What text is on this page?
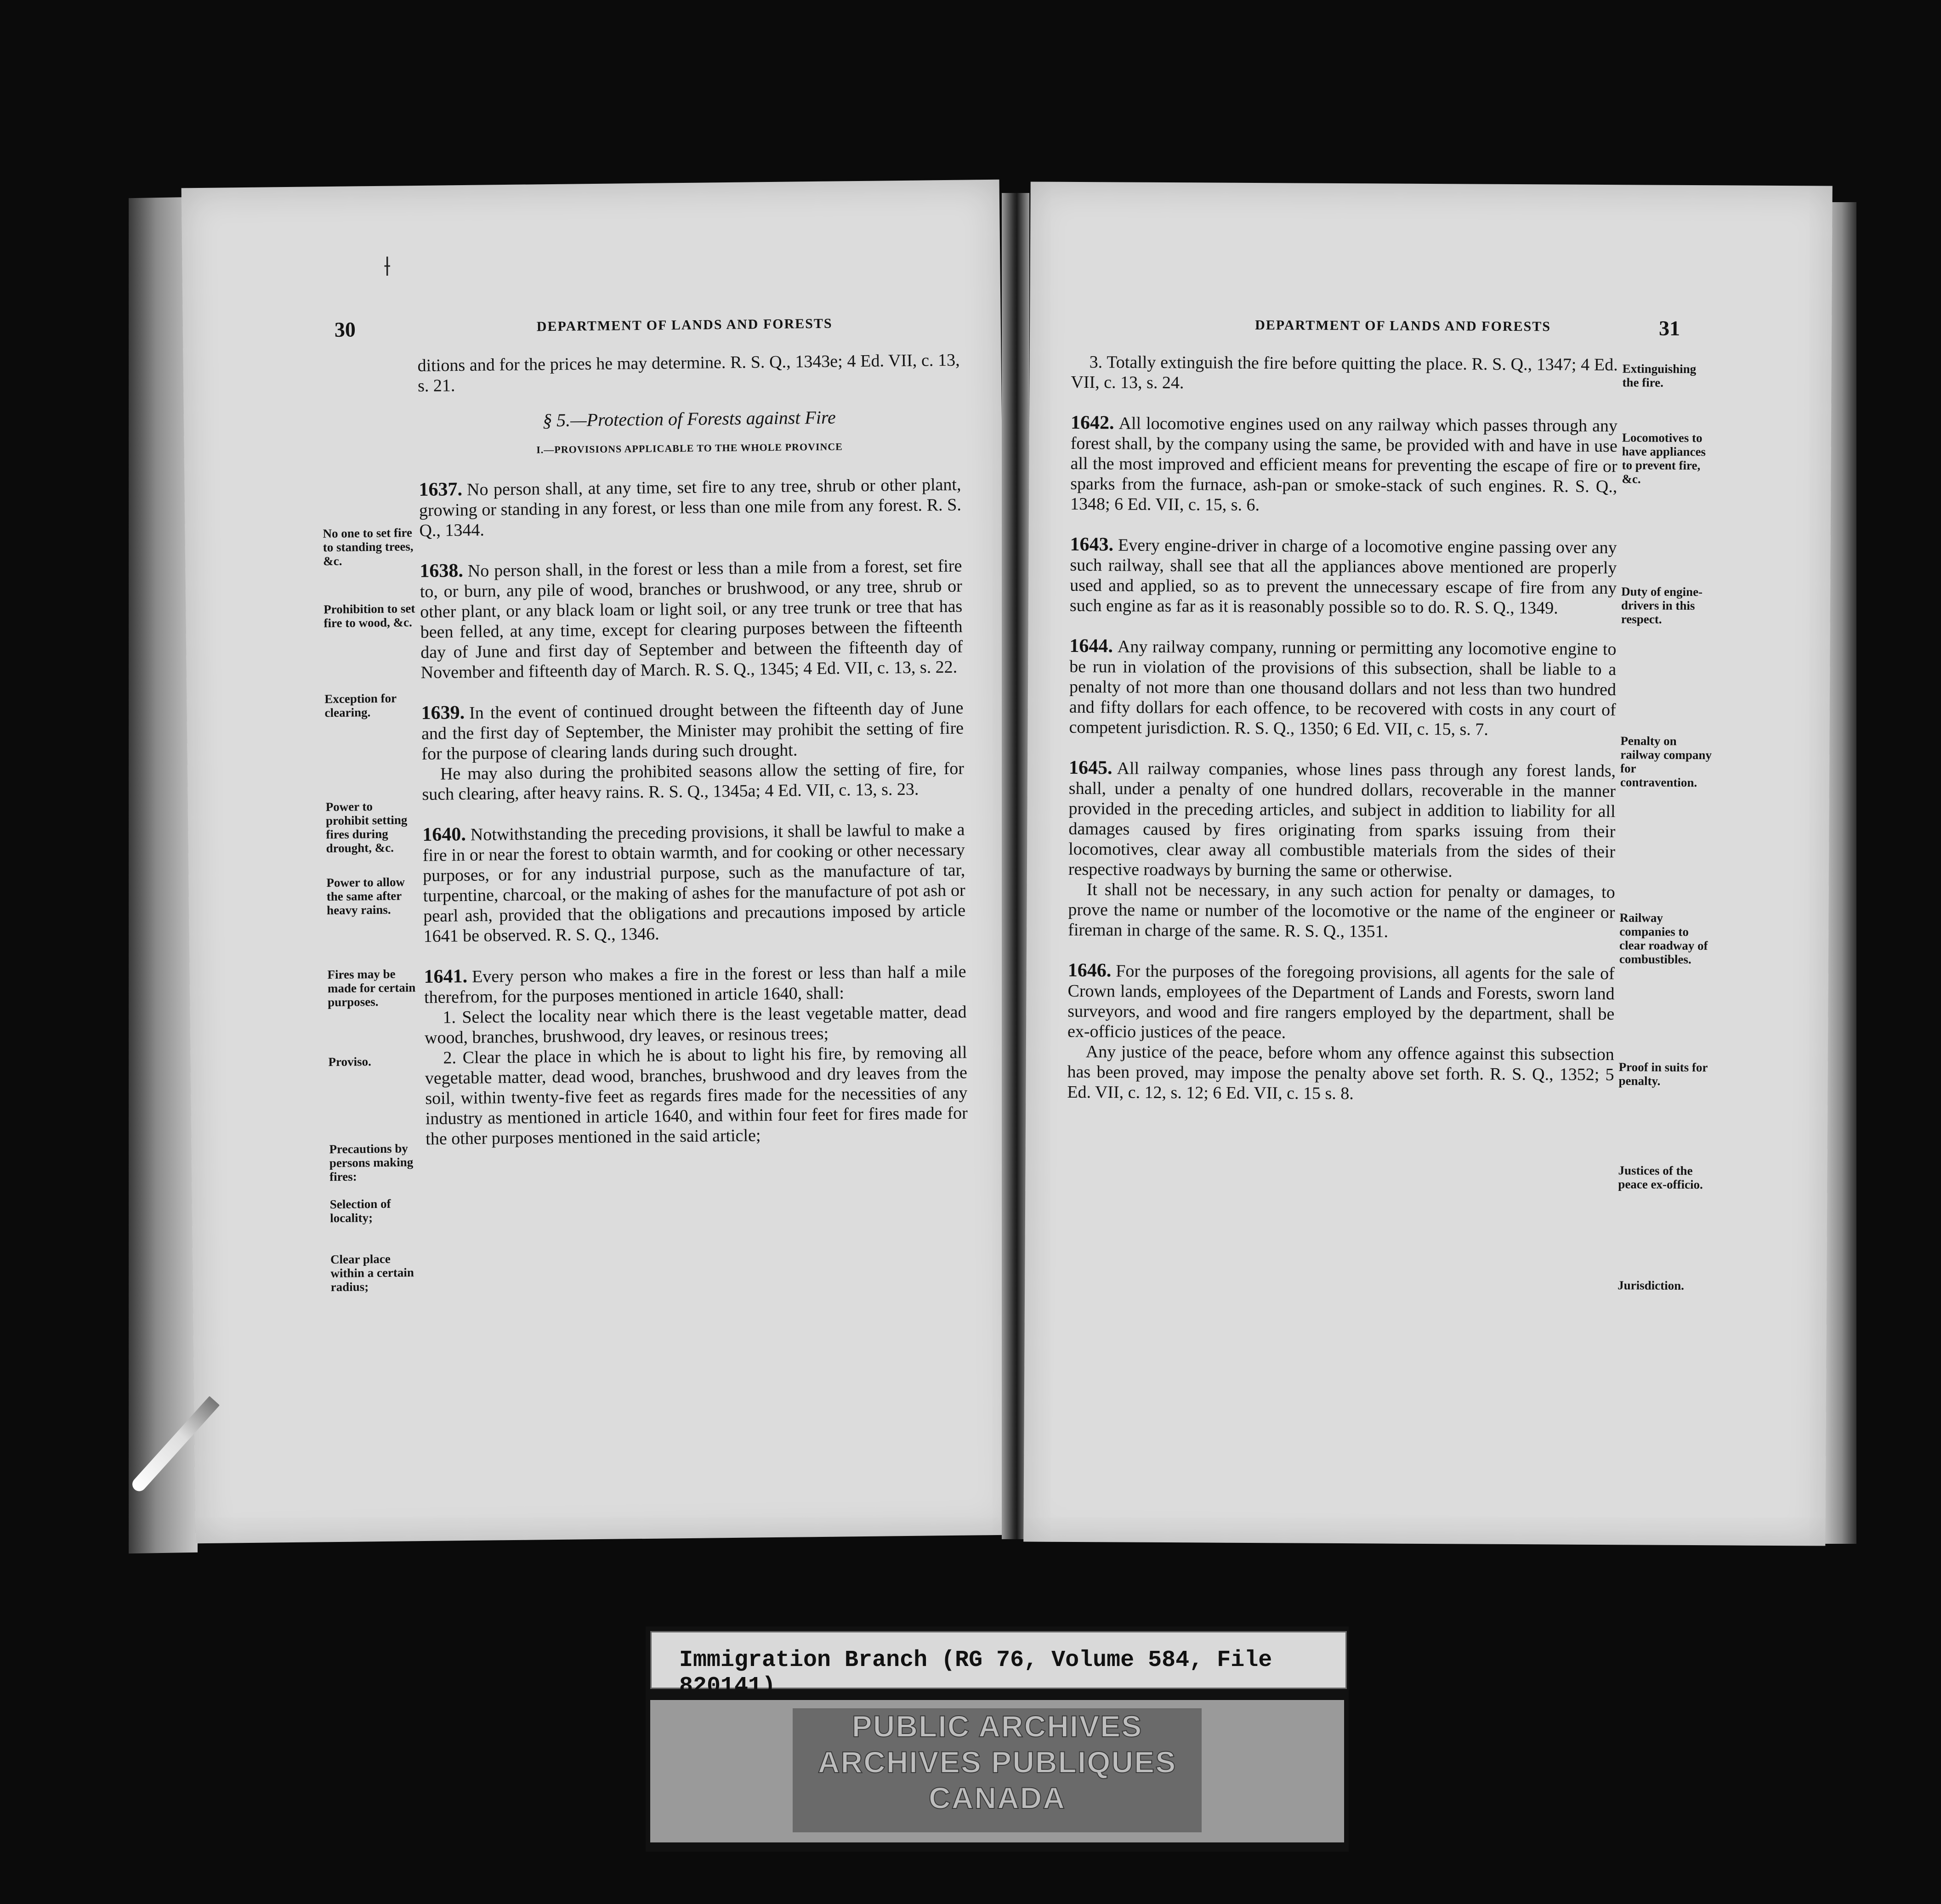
30	DEPARTMENT OF LANDS AND FORESTS
No one to set fire to standing trees, &c.
Prohibition to set fire to wood, &c.
Exception for clearing.
Power to prohibit setting fires during drought, &c.
Power to allow the same after heavy rains.
Fires may be made for certain purposes.
Proviso.
Precautions by persons making fires:
Selection of locality;
Clear place within a certain radius;
ditions and for the prices he may determine. R. S. Q., 1343e; 4 Ed. VII, c. 13, s. 21.
§ 5.—Protection of Forests against Fire
I.—PROVISIONS APPLICABLE TO THE WHOLE PROVINCE

1637. No person shall, at any time, set fire to any tree, shrub or other plant, growing or standing in any forest, or less than one mile from any forest. R. S. Q., 1344.

1638. No person shall, in the forest or less than a mile from a forest, set fire to, or burn, any pile of wood, branches or brushwood, or any tree, shrub or other plant, or any black loam or light soil, or any tree trunk or tree that has been felled, at any time, except for clearing purposes between the fifteenth day of June and first day of September and between the fifteenth day of November and fifteenth day of March. R. S. Q., 1345; 4 Ed. VII, c. 13, s. 22.

1639. In the event of continued drought between the fifteenth day of June and the first day of September, the Minister may prohibit the setting of fire for the purpose of clearing lands during such drought.

He may also during the prohibited seasons allow the setting of fire, for such clearing, after heavy rains. R. S. Q., 1345a; 4 Ed. VII, c. 13, s. 23.

1640. Notwithstanding the preceding provisions, it shall be lawful to make a fire in or near the forest to obtain warmth, and for cooking or other necessary purposes, or for any industrial purpose, such as the manufacture of tar, turpentine, charcoal, or the making of ashes for the manufacture of pot ash or pearl ash, provided that the obligations and precautions imposed by article 1641 be observed. R. S. Q., 1346.

1641. Every person who makes a fire in the forest or less than half a mile therefrom, for the purposes mentioned in article 1640, shall:

1. Select the locality near which there is the least vegetable matter, dead wood, branches, brushwood, dry leaves, or resinous trees;

2. Clear the place in which he is about to light his fire, by removing all vegetable matter, dead wood, branches, brushwood and dry leaves from the soil, within twenty-five feet as regards fires made for the necessities of any industry as mentioned in article 1640, and within four feet for fires made for the other purposes mentioned in the said article;

DEPARTMENT OF LANDS AND FORESTS	31
Extinguishing the fire.
Locomotives to have appliances to prevent fire, &c.
Duty of engine-drivers in this respect.
Penalty on railway company for contravention.
Railway companies to clear roadway of combustibles.
Proof in suits for penalty.
Justices of the peace ex-officio.
Jurisdiction.
3. Totally extinguish the fire before quitting the place. R. S. Q., 1347; 4 Ed. VII, c. 13, s. 24.

1642. All locomotive engines used on any railway which passes through any forest shall, by the company using the same, be provided with and have in use all the most improved and efficient means for preventing the escape of fire or sparks from the furnace, ash-pan or smoke-stack of such engines. R. S. Q., 1348; 6 Ed. VII, c. 15, s. 6.

1643. Every engine-driver in charge of a locomotive engine passing over any such railway, shall see that all the appliances above mentioned are properly used and applied, so as to prevent the unnecessary escape of fire from any such engine as far as it is reasonably possible so to do. R. S. Q., 1349.

1644. Any railway company, running or permitting any locomotive engine to be run in violation of the provisions of this subsection, shall be liable to a penalty of not more than one thousand dollars and not less than two hundred and fifty dollars for each offence, to be recovered with costs in any court of competent jurisdiction. R. S. Q., 1350; 6 Ed. VII, c. 15, s. 7.

1645. All railway companies, whose lines pass through any forest lands, shall, under a penalty of one hundred dollars, recoverable in the manner provided in the preceding articles, and subject in addition to liability for all damages caused by fires originating from sparks issuing from their locomotives, clear away all combustible materials from the sides of their respective roadways by burning the same or otherwise.

It shall not be necessary, in any such action for penalty or damages, to prove the name or number of the locomotive or the name of the engineer or fireman in charge of the same. R. S. Q., 1351.

1646. For the purposes of the foregoing provisions, all agents for the sale of Crown lands, employees of the Department of Lands and Forests, sworn land surveyors, and wood and fire rangers employed by the department, shall be ex-officio justices of the peace.

Any justice of the peace, before whom any offence against this subsection has been proved, may impose the penalty above set forth. R. S. Q., 1352; 5 Ed. VII, c. 12, s. 12; 6 Ed. VII, c. 15 s. 8.

⟊
Immigration Branch (RG 76, Volume 584, File 820141)
PUBLIC ARCHIVES
ARCHIVES PUBLIQUES
CANADA
